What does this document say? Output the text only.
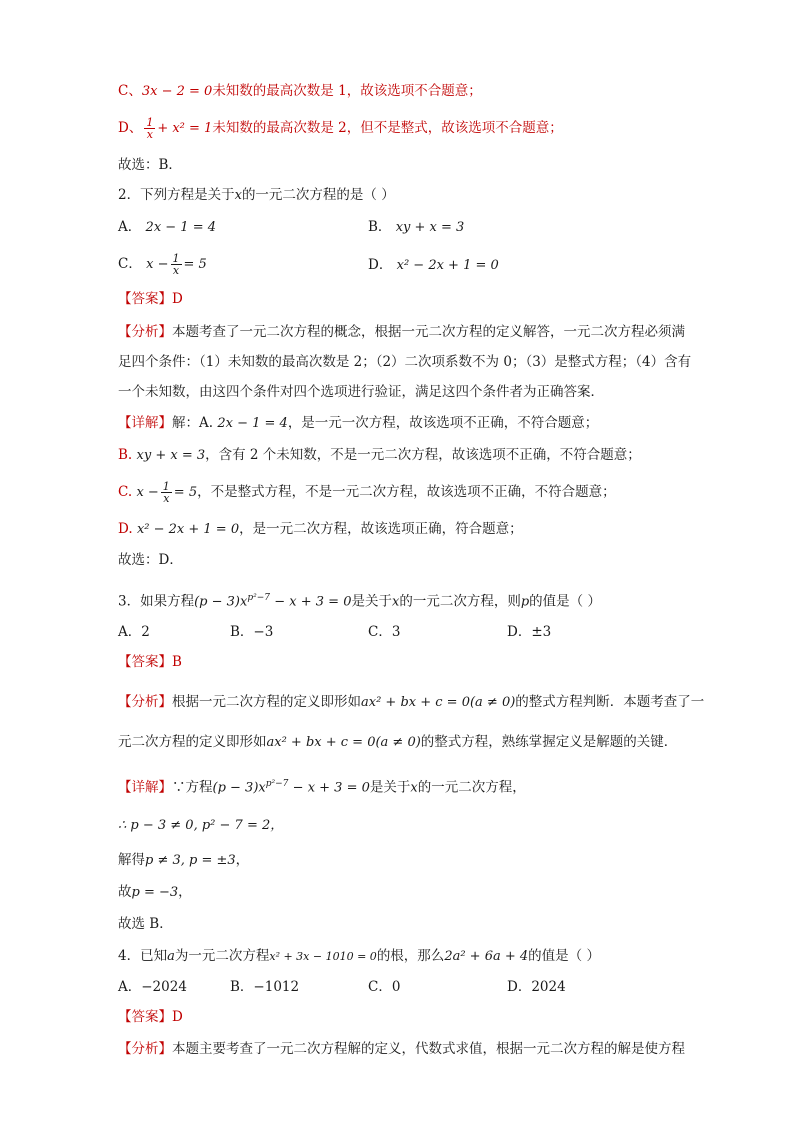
C、3x − 2 = 0未知数的最高次数是 1，故该选项不合题意；
D、 $\frac{1}{x} + x^2 = 1$未知数的最高次数是 2，但不是整式，故该选项不合题意；
故选：B．
2．下列方程是关于x的一元二次方程的是（ ）
A． 2x − 1 = 4	B． xy + x = 3
C． $x - \frac{1}{x} = 5$	D． x² − 2x + 1 = 0
【答案】D
【分析】本题考查了一元二次方程的概念，根据一元二次方程的定义解答，一元二次方程必须满
足四个条件：（1）未知数的最高次数是 2；（2）二次项系数不为 0；（3）是整式方程；（4）含有
一个未知数，由这四个条件对四个选项进行验证，满足这四个条件者为正确答案．
【详解】解：A. 2x − 1 = 4，是一元一次方程，故该选项不正确，不符合题意；
B. xy + x = 3，含有 2 个未知数，不是一元二次方程，故该选项不正确，不符合题意；
C. $x - \frac{1}{x} = 5$，不是整式方程，不是一元二次方程，故该选项不正确，不符合题意；
D. x² − 2x + 1 = 0，是一元二次方程，故该选项正确，符合题意；
故选：D．
3．如果方程$(p - 3)x^{p^2-7} - x + 3 = 0$是关于x的一元二次方程，则p的值是（ ）
A．2	B．−3	C．3	D．±3
【答案】B
【分析】根据一元二次方程的定义即形如ax² + bx + c = 0(a ≠ 0)的整式方程判断．本题考查了一
元二次方程的定义即形如ax² + bx + c = 0(a ≠ 0)的整式方程，熟练掌握定义是解题的关键．
【详解】∵方程$(p - 3)x^{p^2-7} - x + 3 = 0$是关于x的一元二次方程，
∴ p − 3 ≠ 0, p² − 7 = 2，
解得p ≠ 3, p = ±3，
故p = −3，
故选 B．
4．已知a为一元二次方程x² + 3x − 1010 = 0的根，那么2a² + 6a + 4的值是（ ）
A．−2024	B．−1012	C．0	D．2024
【答案】D
【分析】本题主要考查了一元二次方程解的定义，代数式求值，根据一元二次方程的解是使方程
